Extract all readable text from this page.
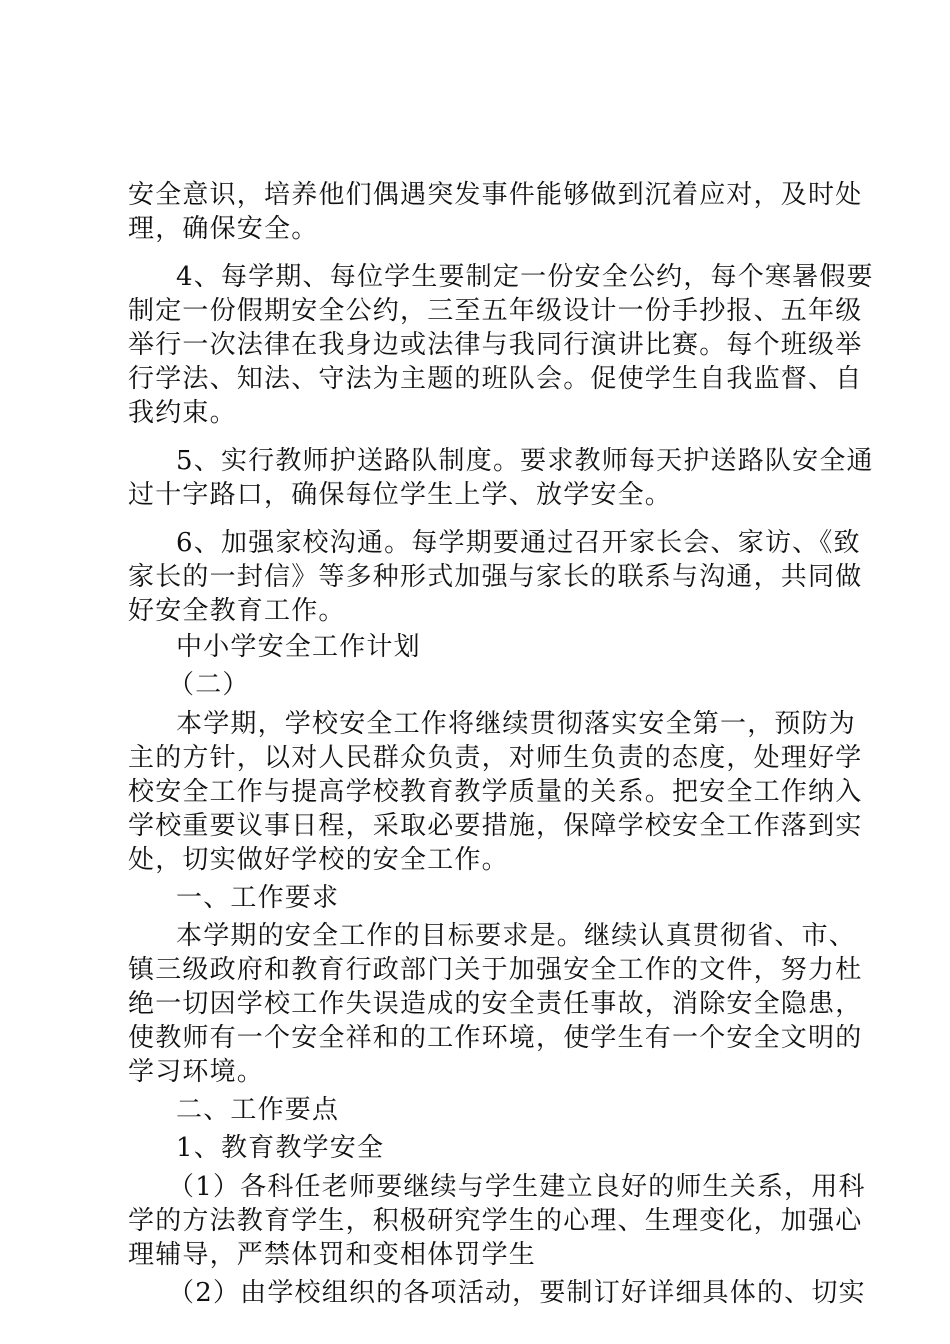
安全意识，培养他们偶遇突发事件能够做到沉着应对，及时处
理，确保安全。
4、每学期、每位学生要制定一份安全公约，每个寒暑假要
制定一份假期安全公约，三至五年级设计一份手抄报、五年级
举行一次法律在我身边或法律与我同行演讲比赛。每个班级举
行学法、知法、守法为主题的班队会。促使学生自我监督、自
我约束。
5、实行教师护送路队制度。要求教师每天护送路队安全通
过十字路口，确保每位学生上学、放学安全。
6、加强家校沟通。每学期要通过召开家长会、家访、《致
家长的一封信》等多种形式加强与家长的联系与沟通，共同做
好安全教育工作。
中小学安全工作计划
（二）
本学期，学校安全工作将继续贯彻落实安全第一，预防为
主的方针，以对人民群众负责，对师生负责的态度，处理好学
校安全工作与提高学校教育教学质量的关系。把安全工作纳入
学校重要议事日程，采取必要措施，保障学校安全工作落到实
处，切实做好学校的安全工作。
一、工作要求
本学期的安全工作的目标要求是。继续认真贯彻省、市、
镇三级政府和教育行政部门关于加强安全工作的文件，努力杜
绝一切因学校工作失误造成的安全责任事故，消除安全隐患，
使教师有一个安全祥和的工作环境，使学生有一个安全文明的
学习环境。
二、工作要点
1、教育教学安全
（1）各科任老师要继续与学生建立良好的师生关系，用科
学的方法教育学生，积极研究学生的心理、生理变化，加强心
理辅导，严禁体罚和变相体罚学生
（2）由学校组织的各项活动，要制订好详细具体的、切实
